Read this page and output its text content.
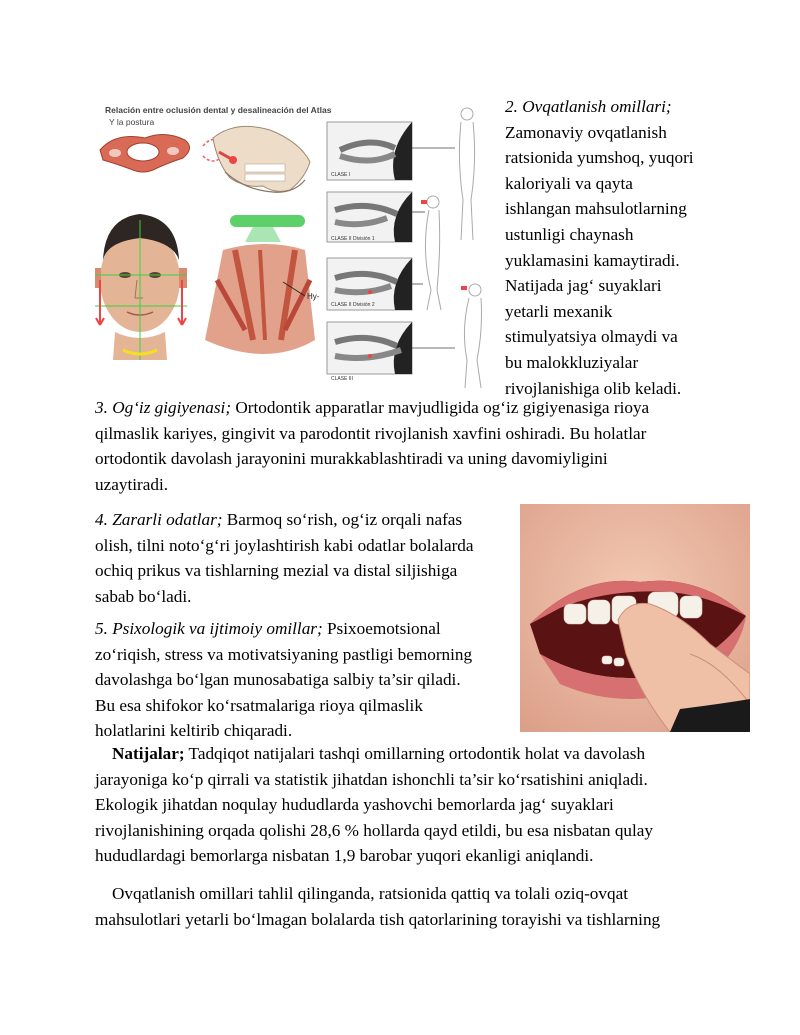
Relación entre oclusión dental y desalineación del Atlas
Y la postura
CLASE I
CLASE II División 1
CLASE II División 2
CLASE III
Hy-
2. Ovqatlanish omillari;
Zamonaviy ovqatlanish
ratsionida yumshoq, yuqori
kaloriyali va qayta
ishlangan mahsulotlarning
ustunligi chaynash
yuklamasini kamaytiradi.
Natijada jag‘ suyaklari
yetarli mexanik
stimulyatsiya olmaydi va
bu malokkluziyalar
rivojlanishiga olib keladi.
3. Og‘iz gigiyenasi; Ortodontik apparatlar mavjudligida og‘iz gigiyenasiga rioya
qilmaslik kariyes, gingivit va parodontit rivojlanish xavfini oshiradi. Bu holatlar
ortodontik davolash jarayonini murakkablashtiradi va uning davomiyligini
uzaytiradi.
4. Zararli odatlar; Barmoq so‘rish, og‘iz orqali nafas
olish, tilni noto‘g‘ri joylashtirish kabi odatlar bolalarda
ochiq prikus va tishlarning mezial va distal siljishiga
sabab bo‘ladi.
5. Psixologik va ijtimoiy omillar; Psixoemotsional
zo‘riqish, stress va motivatsiyaning pastligi bemorning
davolashga bo‘lgan munosabatiga salbiy ta’sir qiladi.
Bu esa shifokor ko‘rsatmalariga rioya qilmaslik
holatlarini keltirib chiqaradi.
Natijalar; Tadqiqot natijalari tashqi omillarning ortodontik holat va davolash
jarayoniga ko‘p qirrali va statistik jihatdan ishonchli ta’sir ko‘rsatishini aniqladi.
Ekologik jihatdan noqulay hududlarda yashovchi bemorlarda jag‘ suyaklari
rivojlanishining orqada qolishi 28,6 % hollarda qayd etildi, bu esa nisbatan qulay
hududlardagi bemorlarga nisbatan 1,9 barobar yuqori ekanligi aniqlandi.
Ovqatlanish omillari tahlil qilinganda, ratsionida qattiq va tolali oziq-ovqat
mahsulotlari yetarli bo‘lmagan bolalarda tish qatorlarining torayishi va tishlarning
